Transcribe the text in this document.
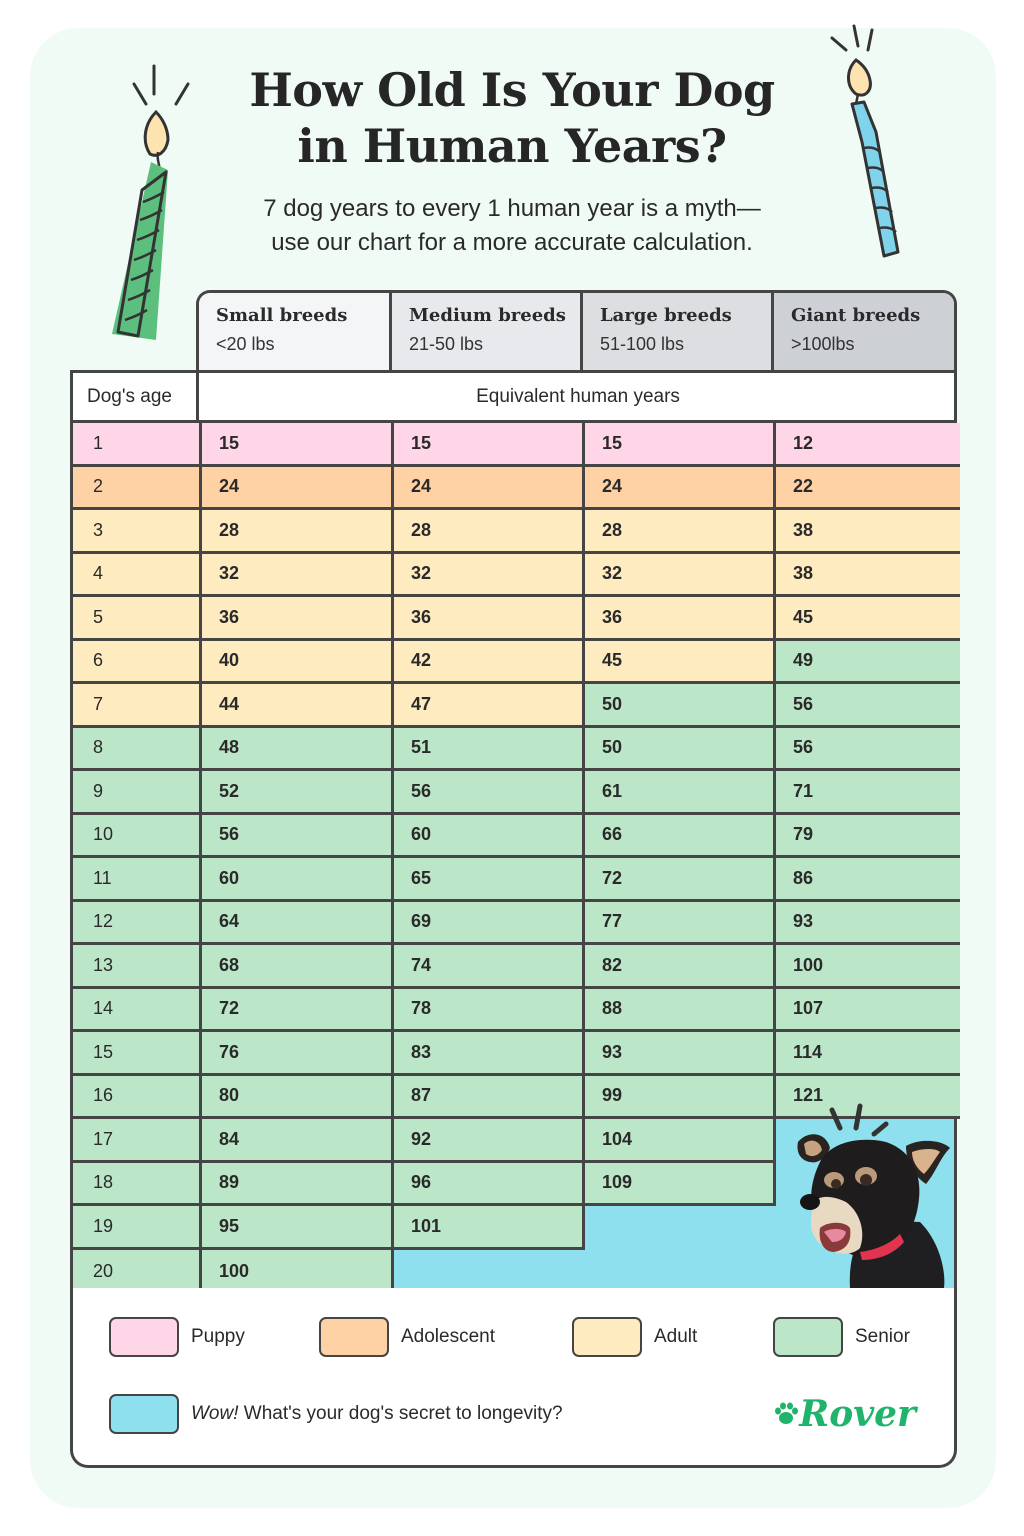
How Old Is Your Dog
in Human Years?
7 dog years to every 1 human year is a myth—
use our chart for a more accurate calculation.
Small breeds
<20 lbs
Medium breeds
21-50 lbs
Large breeds
51-100 lbs
Giant breeds
>100lbs
Dog's age	Equivalent human years
1	15	15	15	12
2	24	24	24	22
3	28	28	28	38
4	32	32	32	38
5	36	36	36	45
6	40	42	45	49
7	44	47	50	56
8	48	51	50	56
9	52	56	61	71
10	56	60	66	79
11	60	65	72	86
12	64	69	77	93
13	68	74	82	100
14	72	78	88	107
15	76	83	93	114
16	80	87	99	121
17	84	92	104
18	89	96	109
19	95	101
20	100
Puppy	Adolescent	Adult	Senior
Wow! What's your dog's secret to longevity?	Rover
